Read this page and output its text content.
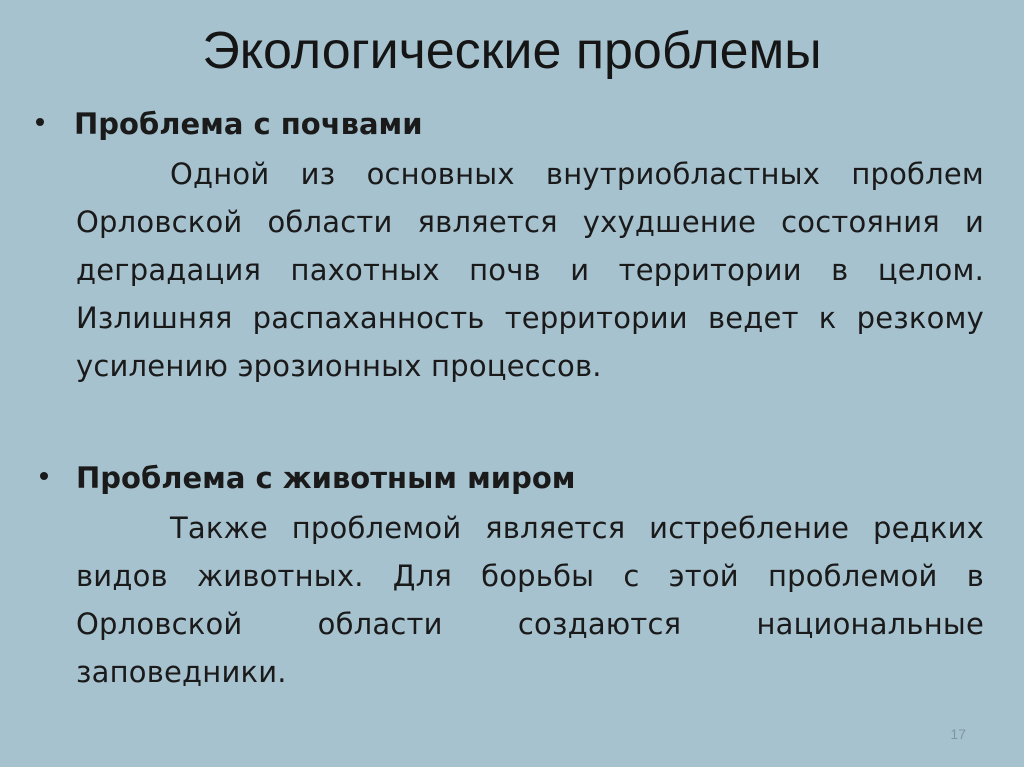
Экологические проблемы
Проблема с почвами

Одной из основных внутриобластных проблем Орловской области является ухудшение состояния и деградация пахотных почв и территории в целом. Излишняя распаханность территории ведет к резкому усилению эрозионных процессов.

Проблема с животным миром

Также проблемой является истребление редких видов животных. Для борьбы с этой проблемой в Орловской области создаются национальные заповедники.

17
